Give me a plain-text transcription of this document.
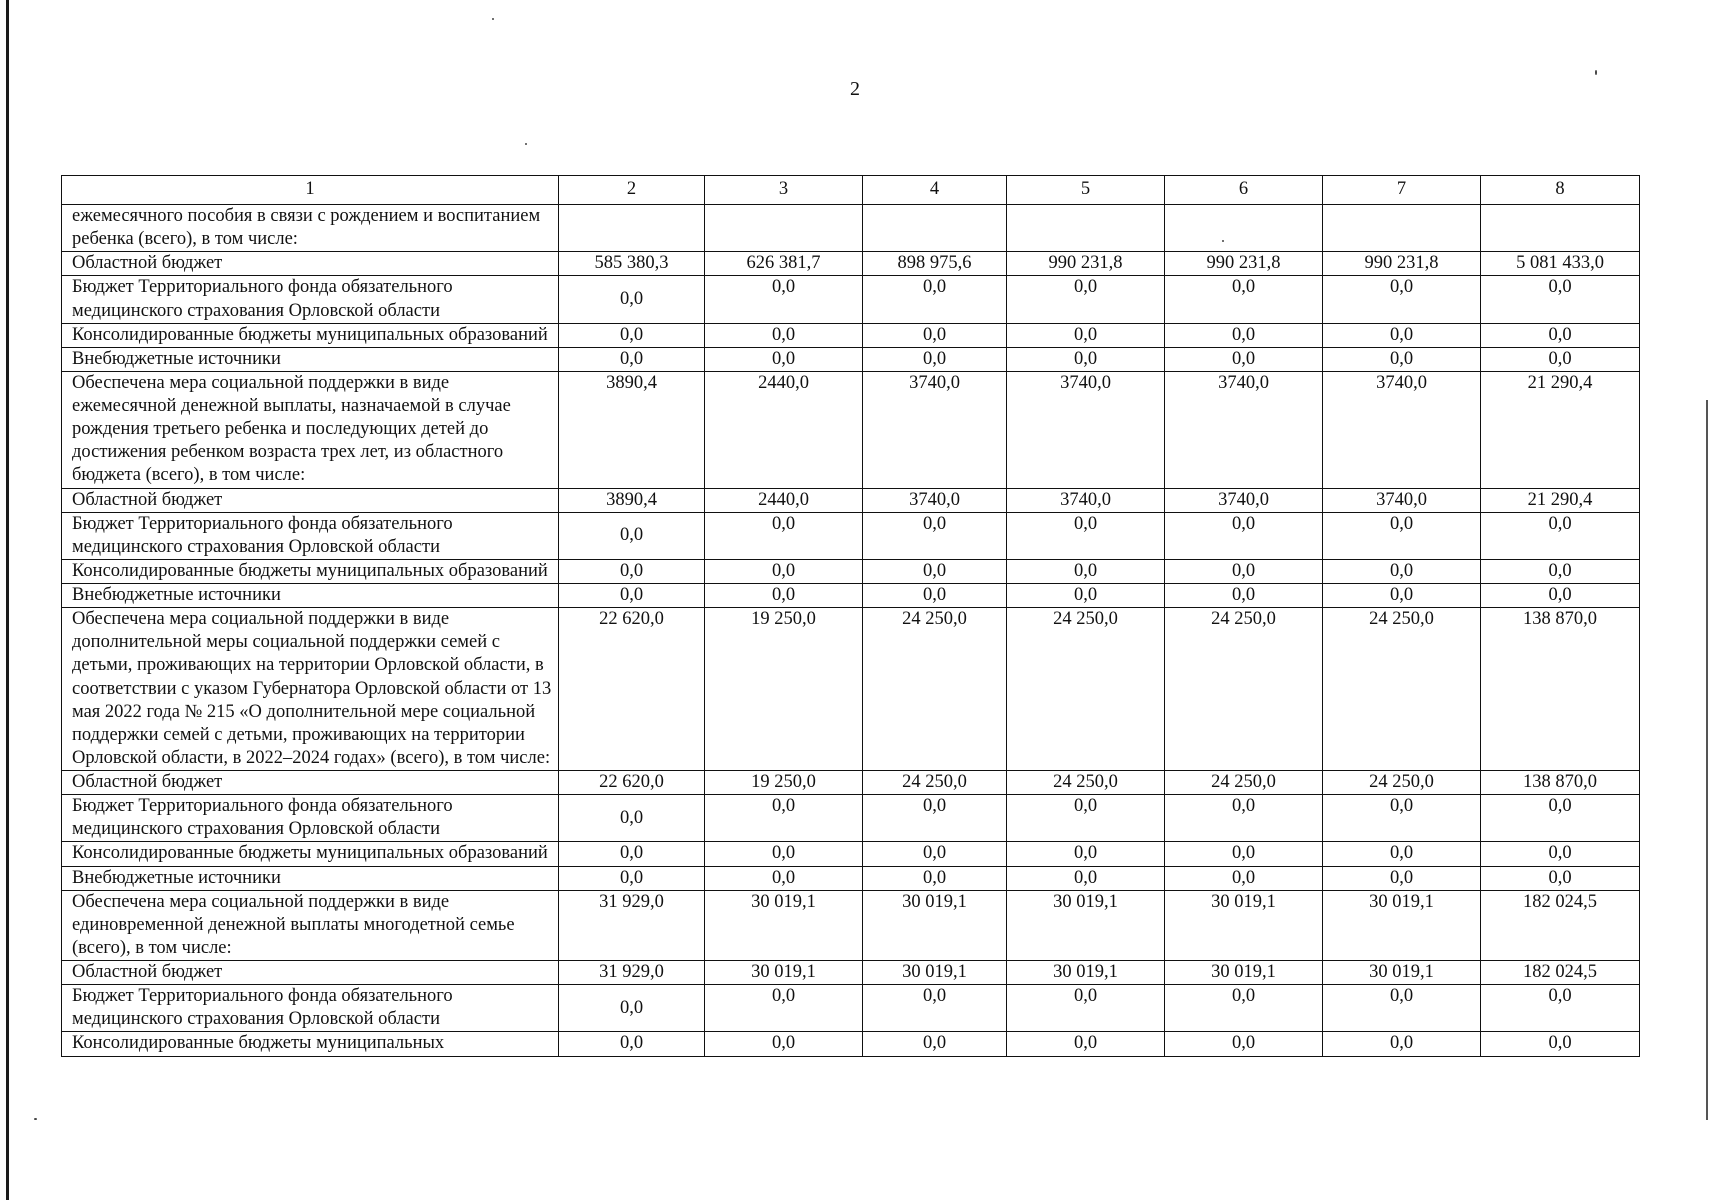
2
1	2	3	4	5	6	7	8
ежемесячного пособия в связи с рождением и воспитанием ребенка (всего), в том числе:							
Областной бюджет	585 380,3	626 381,7	898 975,6	990 231,8	990 231,8	990 231,8	5 081 433,0
Бюджет Территориального фонда обязательного медицинского страхования Орловской области	0,0	0,0	0,0	0,0	0,0	0,0	0,0
Консолидированные бюджеты муниципальных образований	0,0	0,0	0,0	0,0	0,0	0,0	0,0
Внебюджетные источники	0,0	0,0	0,0	0,0	0,0	0,0	0,0
Обеспечена мера социальной поддержки в виде ежемесячной денежной выплаты, назначаемой в случае рождения третьего ребенка и последующих детей до достижения ребенком возраста трех лет, из областного бюджета (всего), в том числе:	3890,4	2440,0	3740,0	3740,0	3740,0	3740,0	21 290,4
Областной бюджет	3890,4	2440,0	3740,0	3740,0	3740,0	3740,0	21 290,4
Бюджет Территориального фонда обязательного медицинского страхования Орловской области	0,0	0,0	0,0	0,0	0,0	0,0	0,0
Консолидированные бюджеты муниципальных образований	0,0	0,0	0,0	0,0	0,0	0,0	0,0
Внебюджетные источники	0,0	0,0	0,0	0,0	0,0	0,0	0,0
Обеспечена мера социальной поддержки в виде дополнительной меры социальной поддержки семей с детьми, проживающих на территории Орловской области, в соответствии с указом Губернатора Орловской области от 13 мая 2022 года № 215 «О дополнительной мере социальной поддержки семей с детьми, проживающих на территории Орловской области, в 2022–2024 годах» (всего), в том числе:	22 620,0	19 250,0	24 250,0	24 250,0	24 250,0	24 250,0	138 870,0
Областной бюджет	22 620,0	19 250,0	24 250,0	24 250,0	24 250,0	24 250,0	138 870,0
Бюджет Территориального фонда обязательного медицинского страхования Орловской области	0,0	0,0	0,0	0,0	0,0	0,0	0,0
Консолидированные бюджеты муниципальных образований	0,0	0,0	0,0	0,0	0,0	0,0	0,0
Внебюджетные источники	0,0	0,0	0,0	0,0	0,0	0,0	0,0
Обеспечена мера социальной поддержки в виде единовременной денежной выплаты многодетной семье (всего), в том числе:	31 929,0	30 019,1	30 019,1	30 019,1	30 019,1	30 019,1	182 024,5
Областной бюджет	31 929,0	30 019,1	30 019,1	30 019,1	30 019,1	30 019,1	182 024,5
Бюджет Территориального фонда обязательного медицинского страхования Орловской области	0,0	0,0	0,0	0,0	0,0	0,0	0,0
Консолидированные бюджеты муниципальных	0,0	0,0	0,0	0,0	0,0	0,0	0,0
